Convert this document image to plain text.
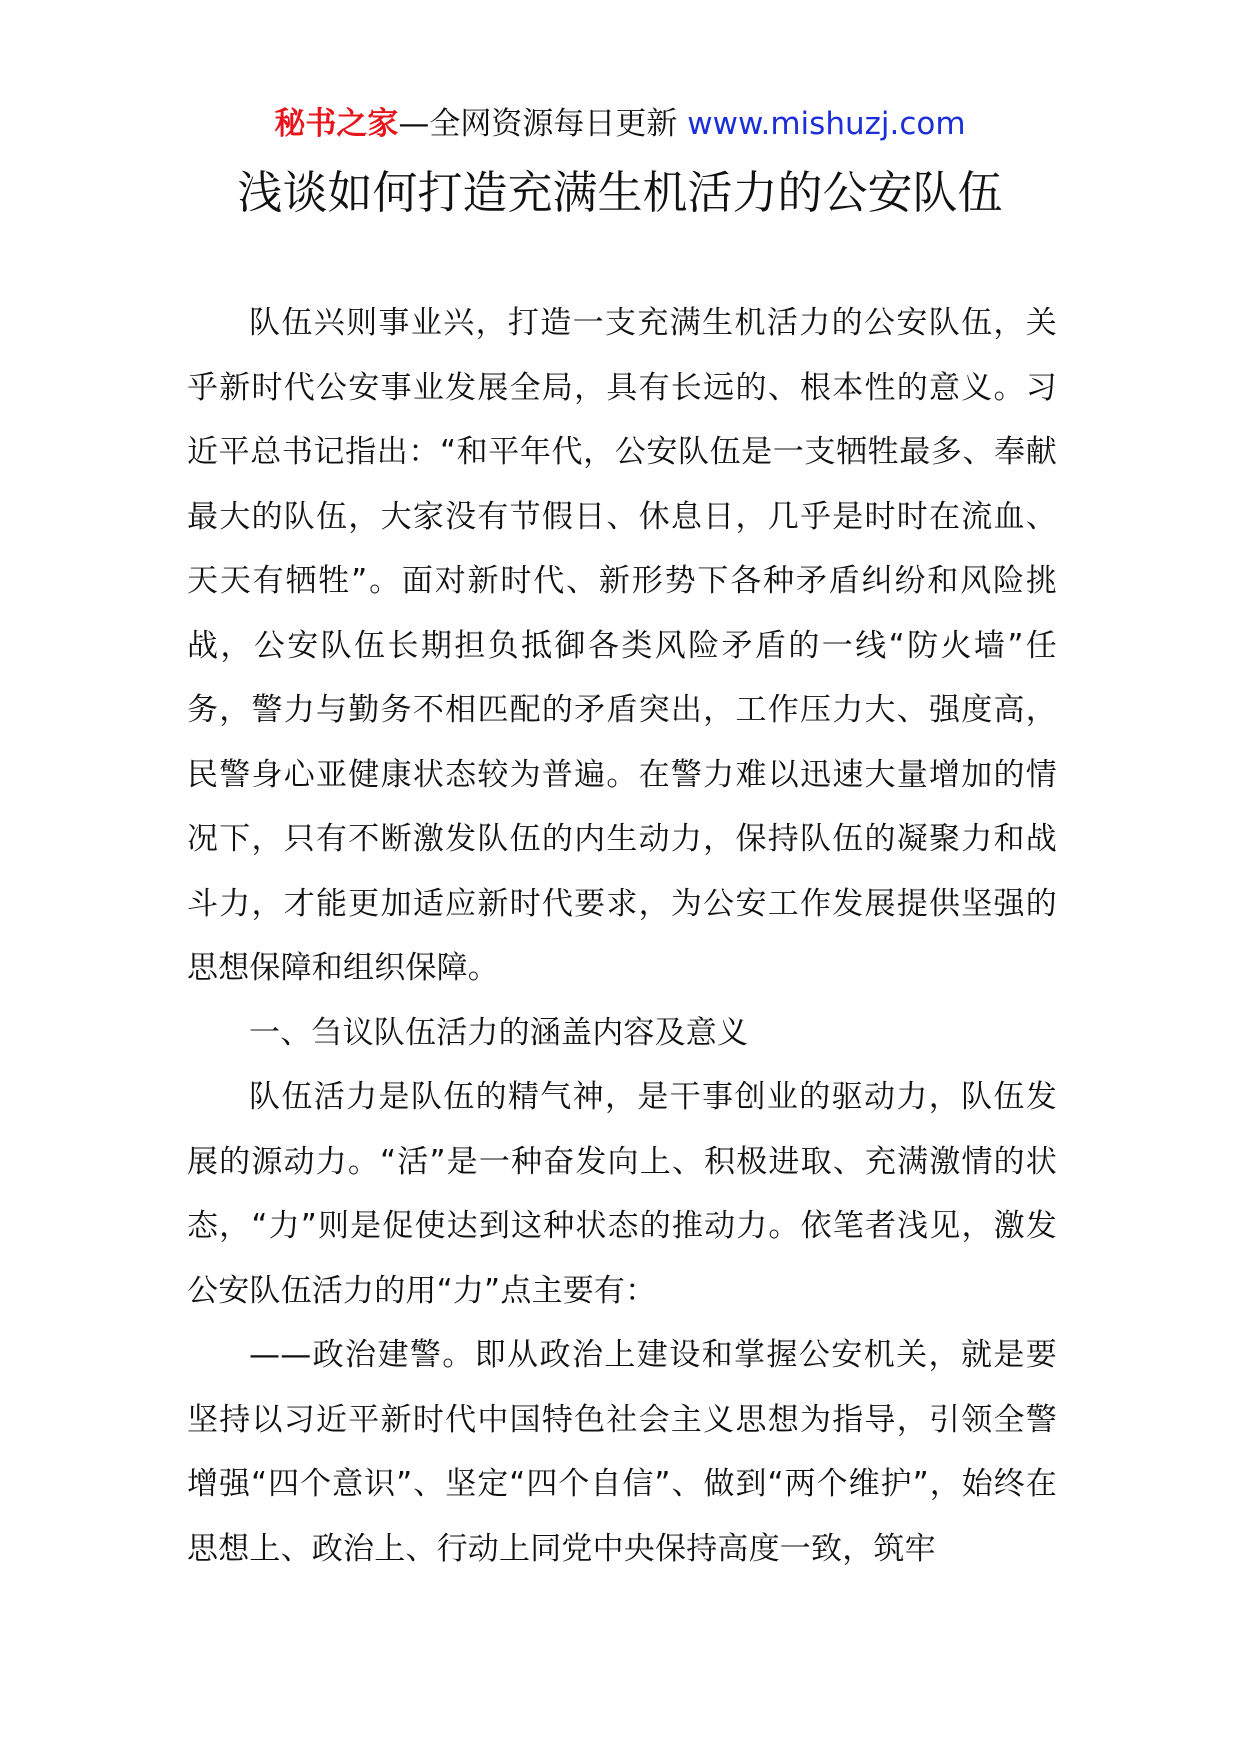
秘书之家—全网资源每日更新 www.mishuzj.com
浅谈如何打造充满生机活力的公安队伍

队伍兴则事业兴，打造一支充满生机活力的公安队伍，关乎新时代公安事业发展全局，具有长远的、根本性的意义。习近平总书记指出：“和平年代，公安队伍是一支牺牲最多、奉献最大的队伍，大家没有节假日、休息日，几乎是时时在流血、天天有牺牲”。面对新时代、新形势下各种矛盾纠纷和风险挑战，公安队伍长期担负抵御各类风险矛盾的一线“防火墙”任务，警力与勤务不相匹配的矛盾突出，工作压力大、强度高，民警身心亚健康状态较为普遍。在警力难以迅速大量增加的情况下，只有不断激发队伍的内生动力，保持队伍的凝聚力和战斗力，才能更加适应新时代要求，为公安工作发展提供坚强的思想保障和组织保障。

一、刍议队伍活力的涵盖内容及意义

队伍活力是队伍的精气神，是干事创业的驱动力，队伍发展的源动力。“活”是一种奋发向上、积极进取、充满激情的状态，“力”则是促使达到这种状态的推动力。依笔者浅见，激发公安队伍活力的用“力”点主要有：

——政治建警。即从政治上建设和掌握公安机关，就是要坚持以习近平新时代中国特色社会主义思想为指导，引领全警增强“四个意识”、坚定“四个自信”、做到“两个维护”，始终在思想上、政治上、行动上同党中央保持高度一致，筑牢
